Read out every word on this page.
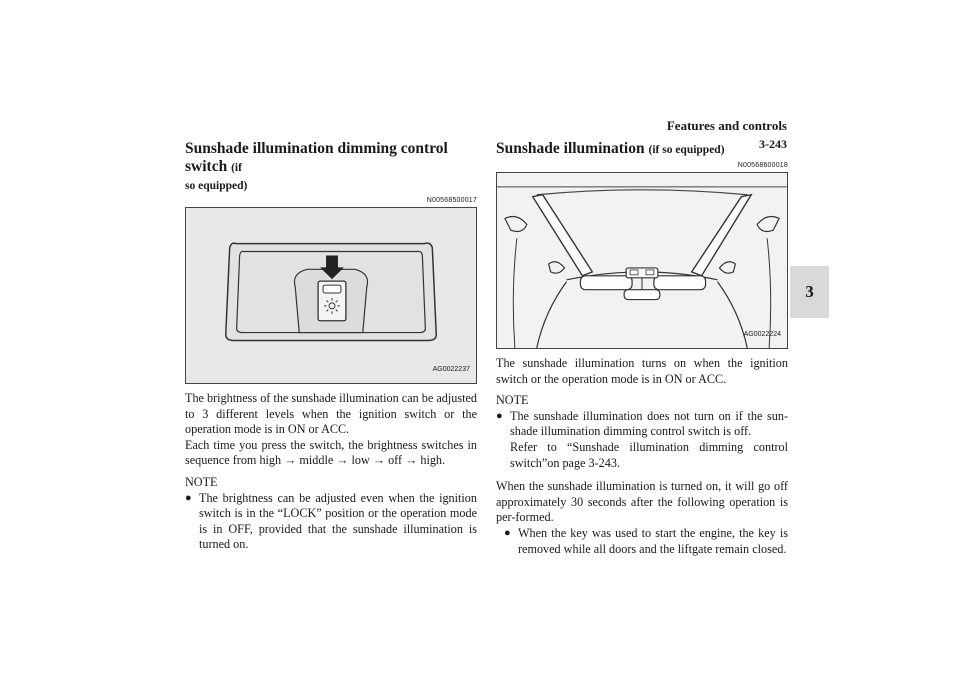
Features and controls
3-243
3
Sunshade illumination dimming control switch (if
so equipped)
N00568500017
AG0022237

The brightness of the sunshade illumination can be adjusted to 3 different levels when the ignition switch or the operation mode is in ON or ACC.

Each time you press the switch, the brightness switches in sequence from high → middle → low → off → high.

NOTE
● The brightness can be adjusted even when the ignition switch is in the “LOCK” position or the operation mode is in OFF, provided that the sunshade illumination is turned on.
Sunshade illumination (if so equipped)
N00568600018
AG0022224

The sunshade illumination turns on when the ignition switch or the operation mode is in ON or ACC.

NOTE
● The sunshade illumination does not turn on if the sun-shade illumination dimming control switch is off.
Refer to “Sunshade illumination dimming control switch”on page 3-243.

When the sunshade illumination is turned on, it will go off approximately 30 seconds after the following operation is per-formed.

● When the key was used to start the engine, the key is removed while all doors and the liftgate remain closed.
